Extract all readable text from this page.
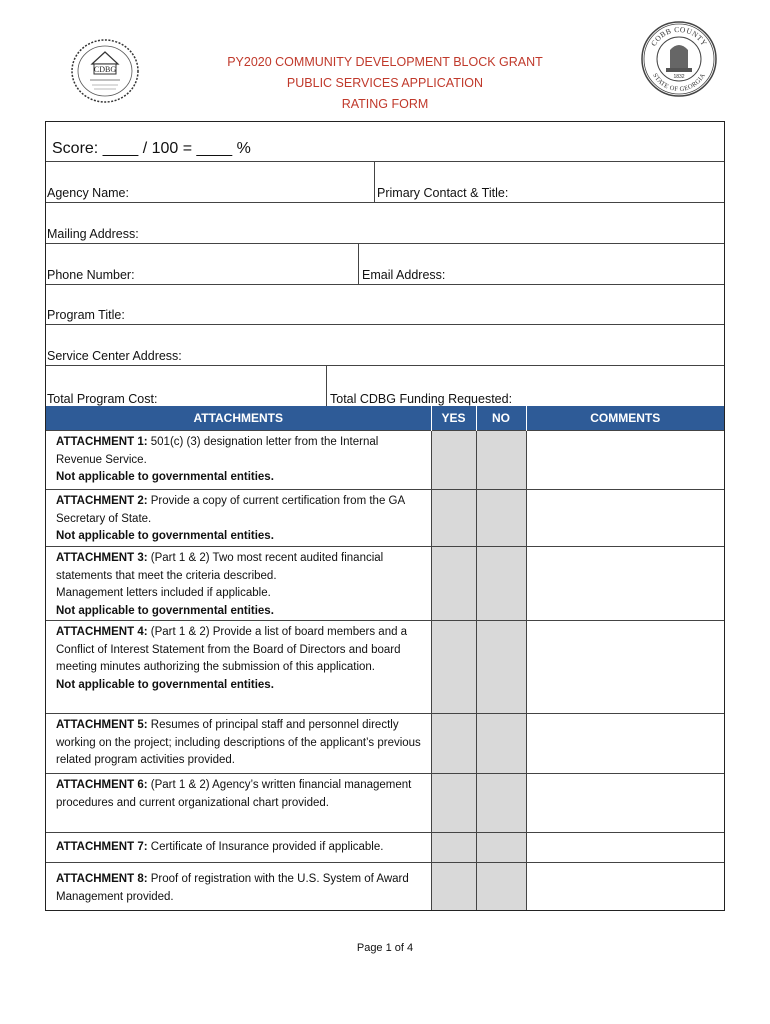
CDBG
PY2020 COMMUNITY DEVELOPMENT BLOCK GRANT
PUBLIC SERVICES APPLICATION
RATING FORM
COBB COUNTY
STATE OF GEORGIA
1832
Score: ____ / 100 = ____ %
Agency Name:	Primary Contact & Title:
Mailing Address:
Phone Number:	Email Address:
Program Title:
Service Center Address:
Total Program Cost:	Total CDBG Funding Requested:
ATTACHMENTS	YES	NO	COMMENTS
ATTACHMENT 1: 501(c) (3) designation letter from the Internal Revenue Service.
Not applicable to governmental entities.			

ATTACHMENT 2: Provide a copy of current certification from the GA Secretary of State.
Not applicable to governmental entities.			

ATTACHMENT 3: (Part 1 & 2) Two most recent audited financial statements that meet the criteria described.
Management letters included if applicable.
Not applicable to governmental entities.			

ATTACHMENT 4: (Part 1 & 2) Provide a list of board members and a Conflict of Interest Statement from the Board of Directors and board meeting minutes authorizing the submission of this application.
Not applicable to governmental entities.			

ATTACHMENT 5: Resumes of principal staff and personnel directly working on the project; including descriptions of the applicant’s previous related program activities provided.			
ATTACHMENT 6: (Part 1 & 2) Agency’s written financial management procedures and current organizational chart provided.			
ATTACHMENT 7: Certificate of Insurance provided if applicable.			
ATTACHMENT 8: Proof of registration with the U.S. System of Award Management provided.			
Page 1 of 4
